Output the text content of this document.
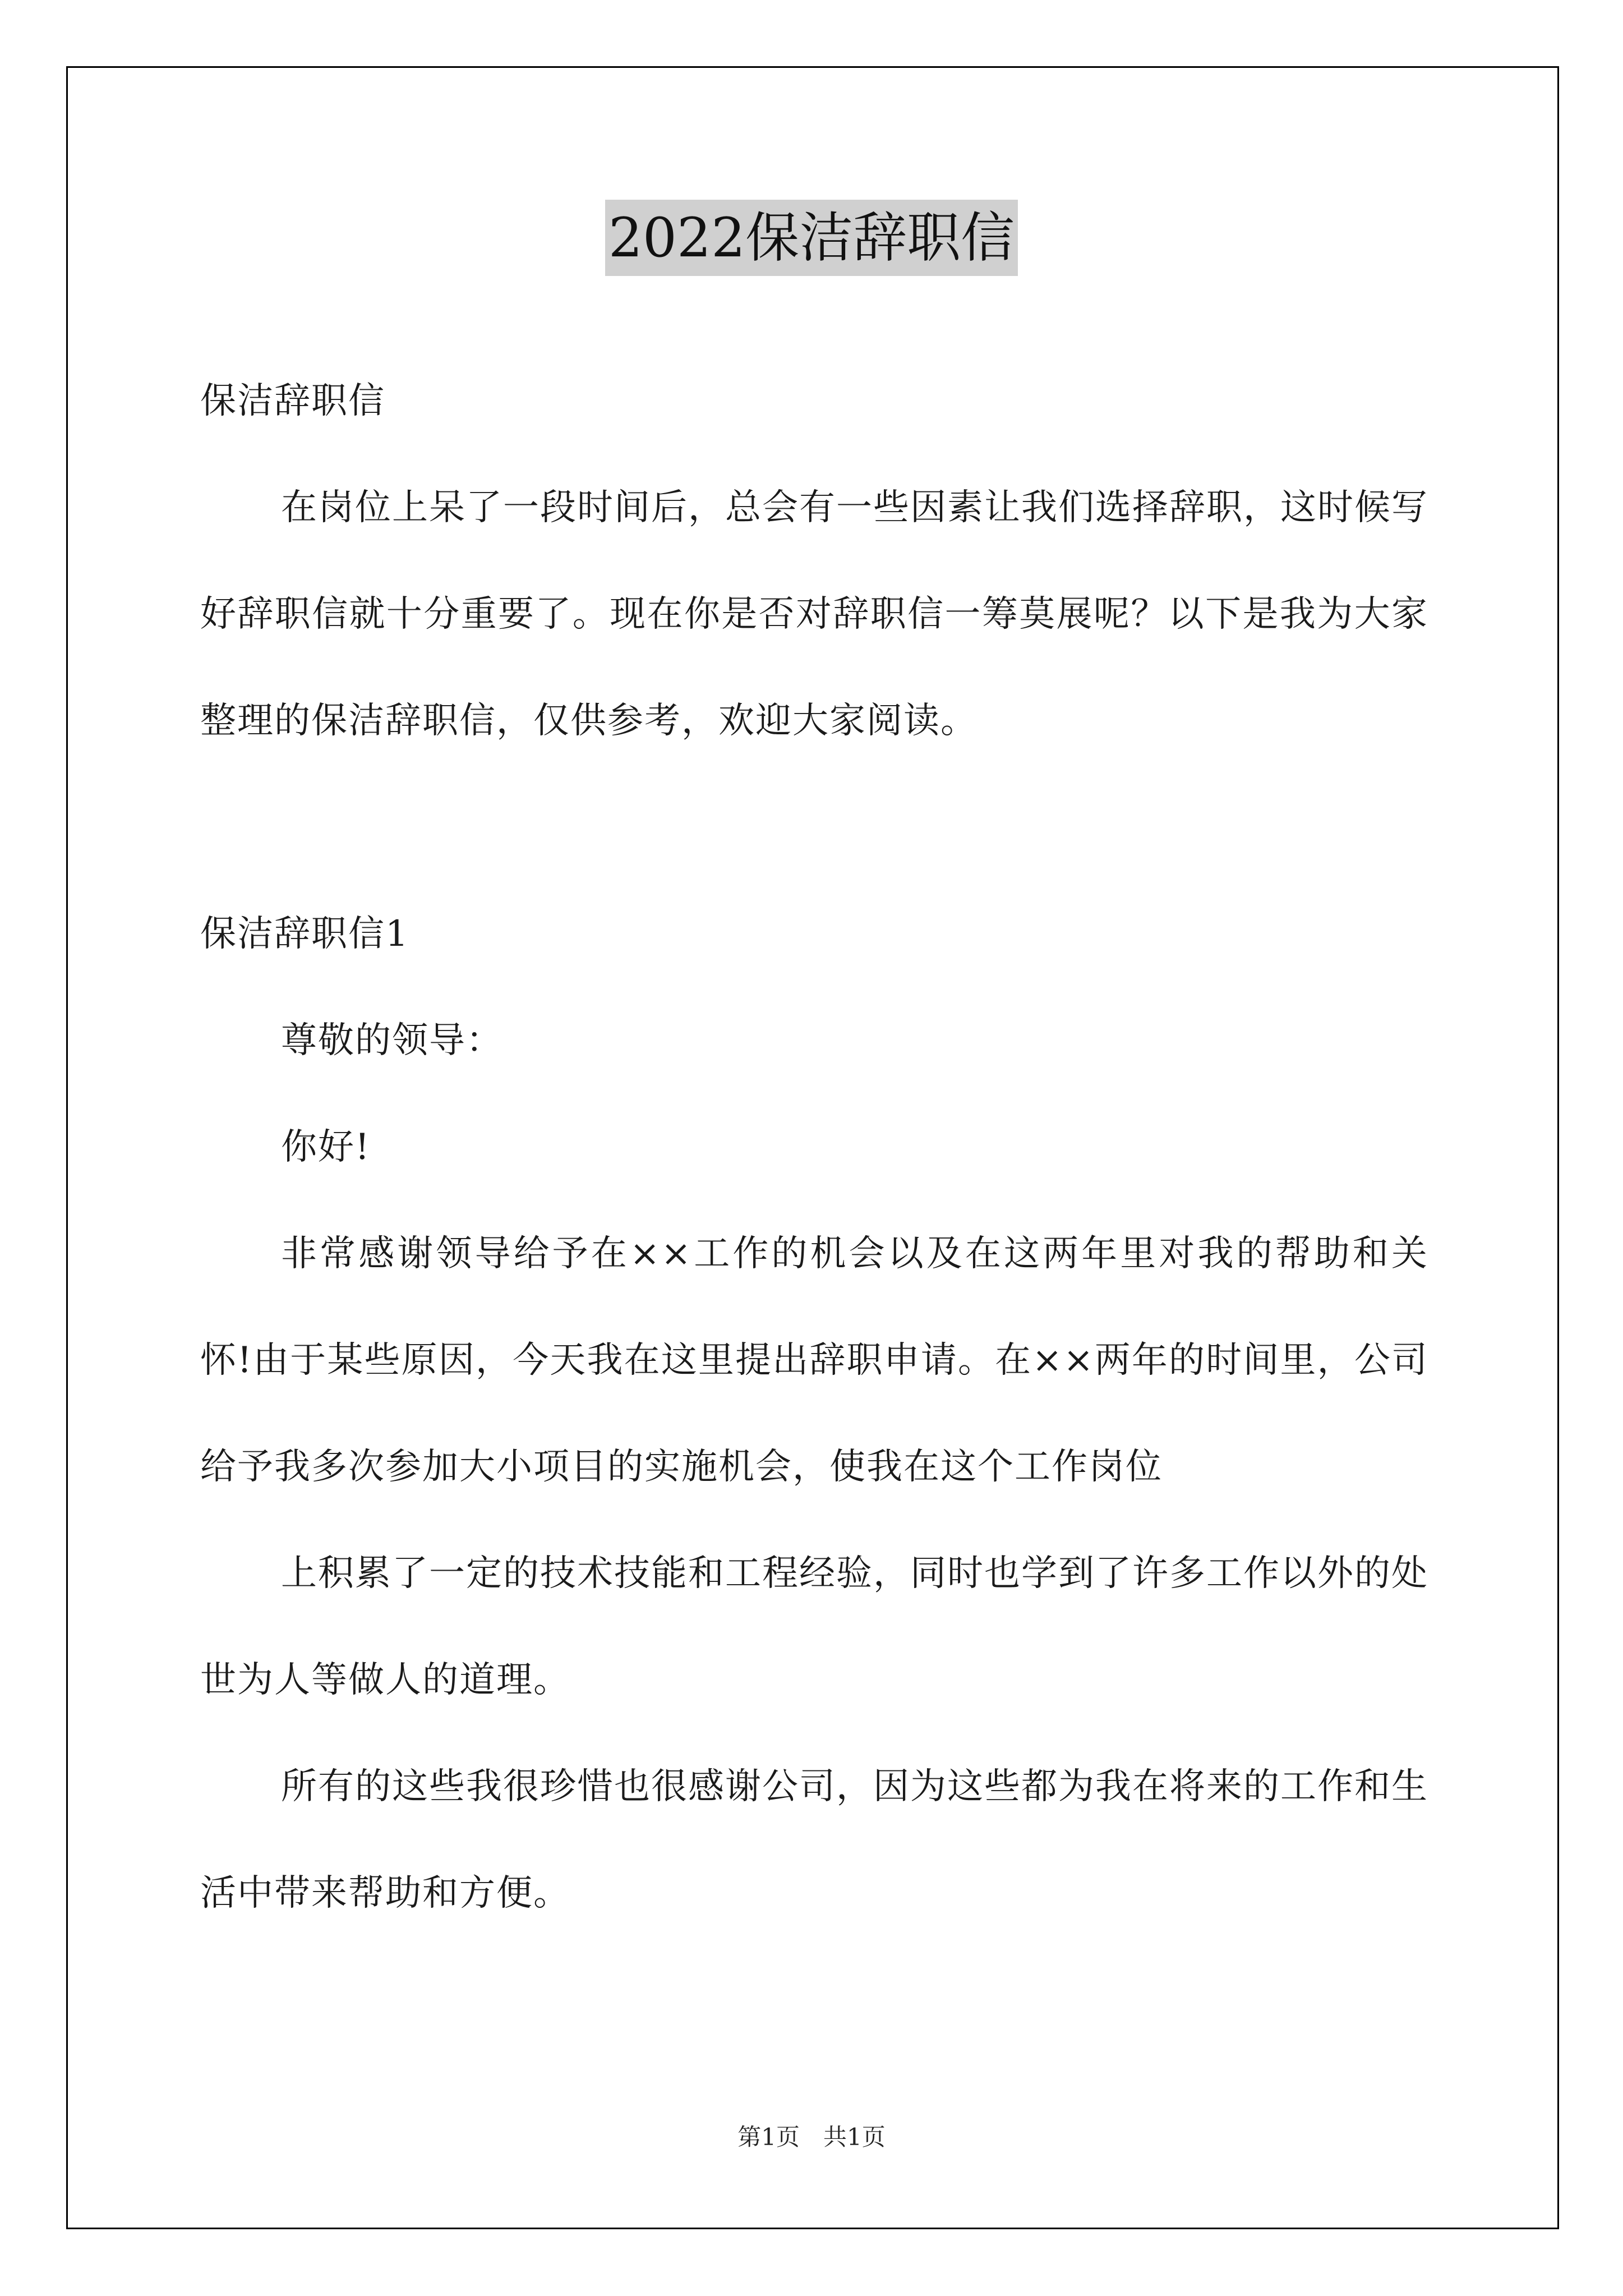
2022保洁辞职信

保洁辞职信

在岗位上呆了一段时间后，总会有一些因素让我们选择辞职，这时候写好辞职信就十分重要了。现在你是否对辞职信一筹莫展呢？以下是我为大家整理的保洁辞职信，仅供参考，欢迎大家阅读。

保洁辞职信1

尊敬的领导：

你好!

非常感谢领导给予在××工作的机会以及在这两年里对我的帮助和关怀!由于某些原因，今天我在这里提出辞职申请。在××两年的时间里，公司给予我多次参加大小项目的实施机会，使我在这个工作岗位

上积累了一定的技术技能和工程经验，同时也学到了许多工作以外的处世为人等做人的道理。

所有的这些我很珍惜也很感谢公司，因为这些都为我在将来的工作和生活中带来帮助和方便。

第1页　共1页
